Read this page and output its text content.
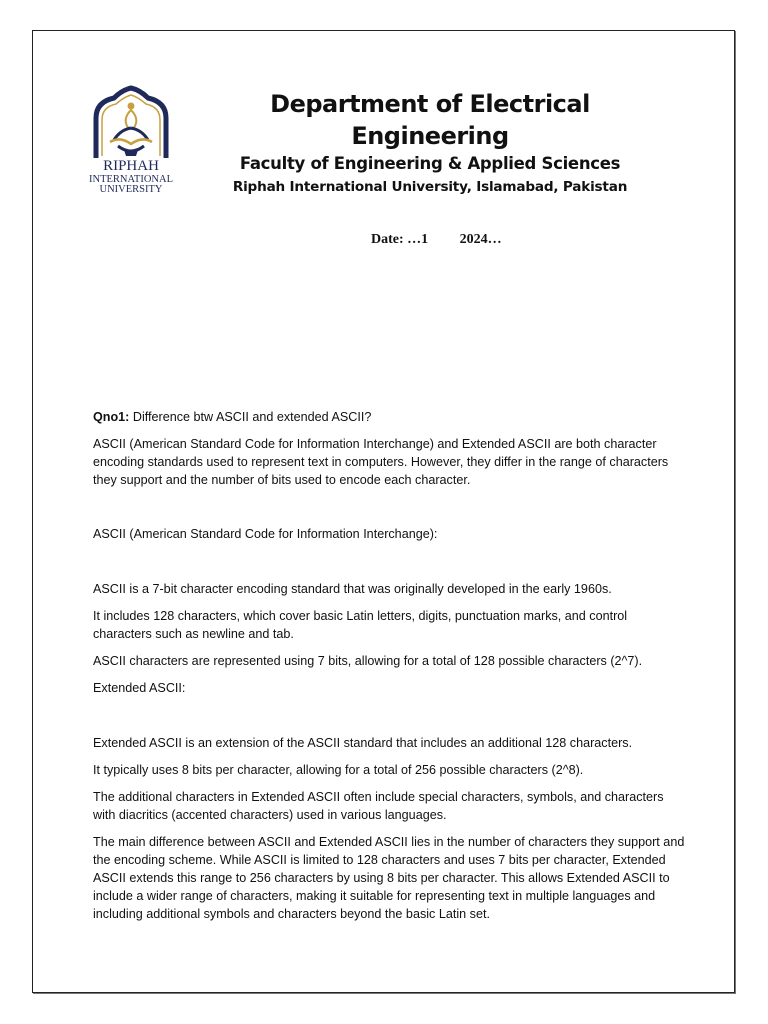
RIPHAH
INTERNATIONAL
UNIVERSITY

Department of Electrical Engineering

Faculty of Engineering & Applied Sciences

Riphah International University, Islamabad, Pakistan

Date: …1 2024…

Qno1: Difference btw ASCII and extended ASCII?

ASCII (American Standard Code for Information Interchange) and Extended ASCII are both character encoding standards used to represent text in computers. However, they differ in the range of characters they support and the number of bits used to encode each character.

ASCII (American Standard Code for Information Interchange):

ASCII is a 7-bit character encoding standard that was originally developed in the early 1960s.

It includes 128 characters, which cover basic Latin letters, digits, punctuation marks, and control characters such as newline and tab.

ASCII characters are represented using 7 bits, allowing for a total of 128 possible characters (2^7).

Extended ASCII:

Extended ASCII is an extension of the ASCII standard that includes an additional 128 characters.

It typically uses 8 bits per character, allowing for a total of 256 possible characters (2^8).

The additional characters in Extended ASCII often include special characters, symbols, and characters with diacritics (accented characters) used in various languages.

The main difference between ASCII and Extended ASCII lies in the number of characters they support and the encoding scheme. While ASCII is limited to 128 characters and uses 7 bits per character, Extended ASCII extends this range to 256 characters by using 8 bits per character. This allows Extended ASCII to include a wider range of characters, making it suitable for representing text in multiple languages and including additional symbols and characters beyond the basic Latin set.
